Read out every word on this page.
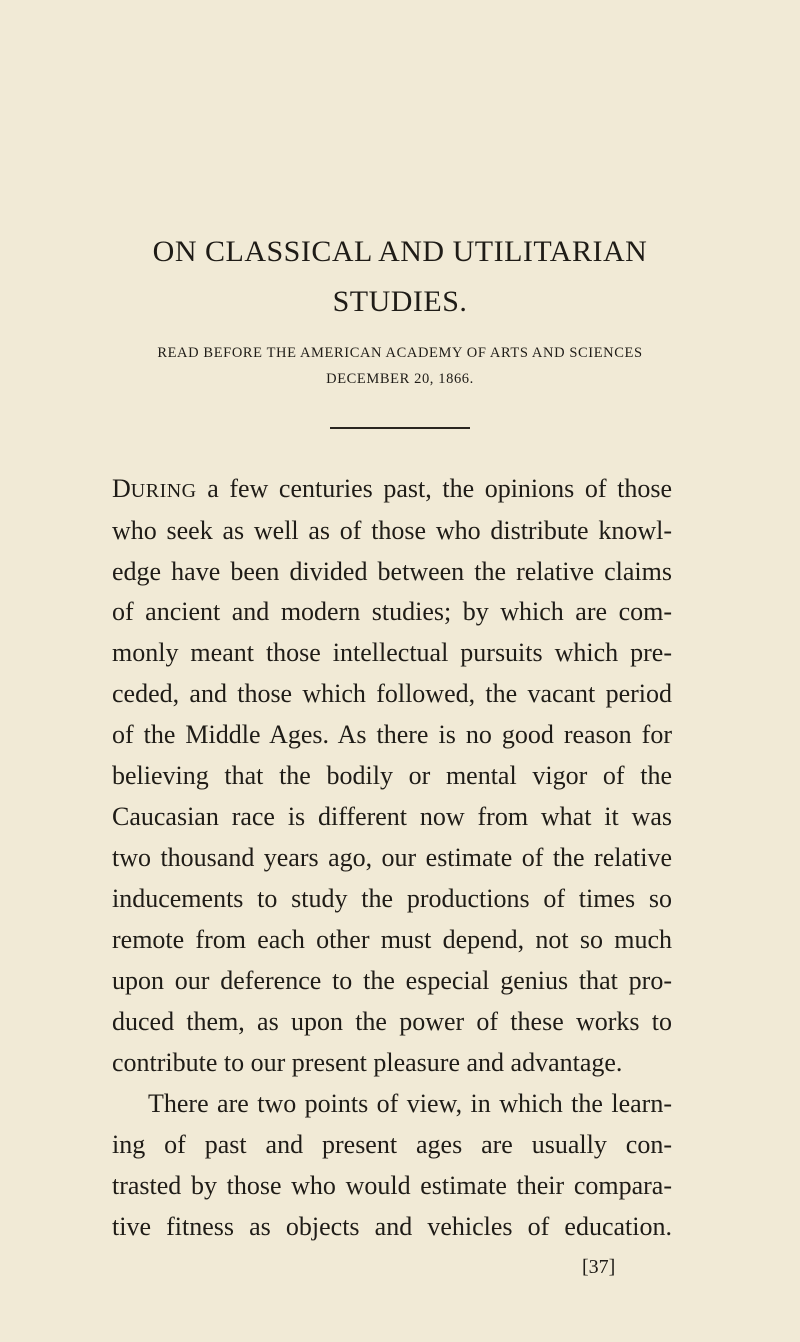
ON CLASSICAL AND UTILITARIAN
STUDIES.
READ BEFORE THE AMERICAN ACADEMY OF ARTS AND SCIENCES
DECEMBER 20, 1866.
DURING a few centuries past, the opinions of those
who seek as well as of those who distribute knowl-
edge have been divided between the relative claims
of ancient and modern studies; by which are com-
monly meant those intellectual pursuits which pre-
ceded, and those which followed, the vacant period
of the Middle Ages. As there is no good reason for
believing that the bodily or mental vigor of the
Caucasian race is different now from what it was
two thousand years ago, our estimate of the relative
inducements to study the productions of times so
remote from each other must depend, not so much
upon our deference to the especial genius that pro-
duced them, as upon the power of these works to
contribute to our present pleasure and advantage.
There are two points of view, in which the learn-
ing of past and present ages are usually con-
trasted by those who would estimate their compara-
tive fitness as objects and vehicles of education.
[37]
